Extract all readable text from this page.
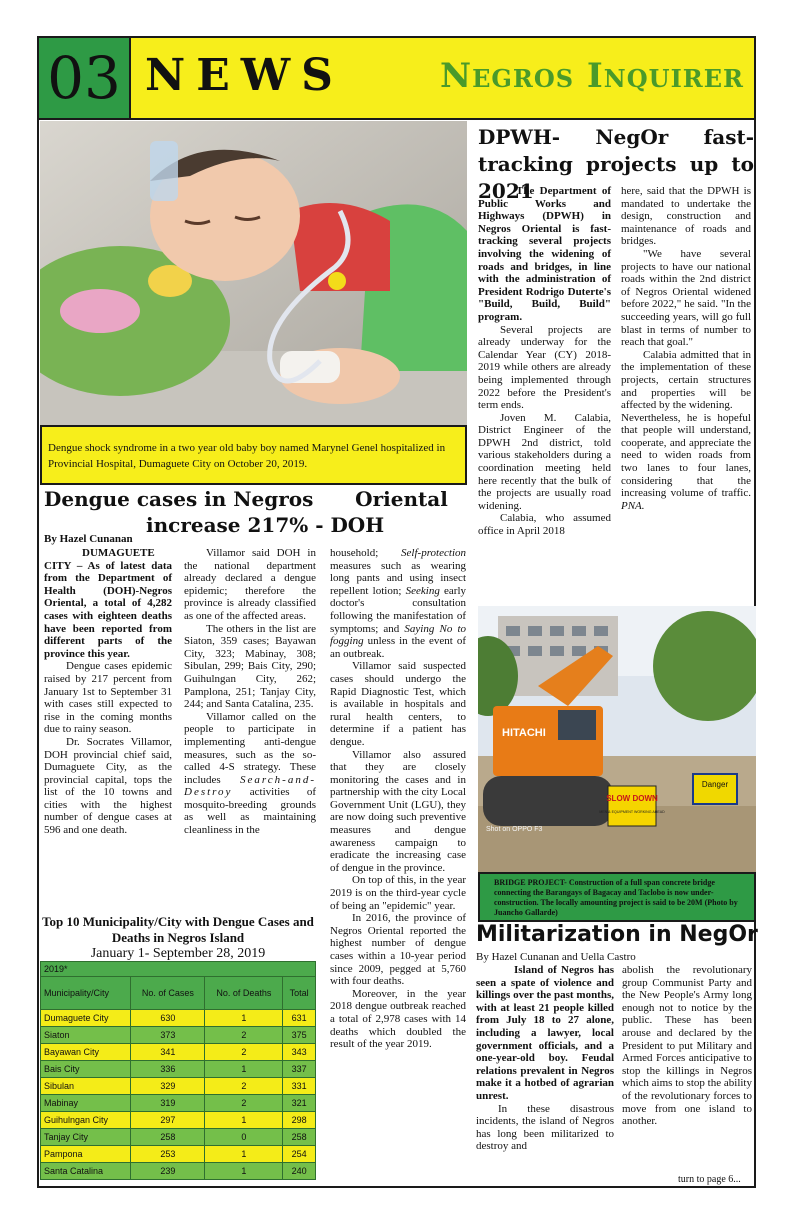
03 NEWS	Negros Inquirer
Dengue shock syndrome in a two year old baby boy named Marynel Genel hospitalized in Provincial Hospital, Dumaguete City on October 20, 2019.
Dengue cases in Negros      Oriental
increase 217% - DOH
By Hazel Cunanan

DUMAGUETE CITY – As of latest data from the Department of Health (DOH)-Negros Oriental, a total of 4,282 cases with eighteen deaths have been reported from different parts of the province this year.

Dengue cases epidemic raised by 217 percent from January 1st to September 31 with cases still expected to rise in the coming months due to rainy season.

Dr. Socrates Villamor, DOH provincial chief said, Dumaguete City, as the provincial capital, tops the list of the 10 towns and cities with the highest number of dengue cases at 596 and one death.

Villamor said DOH in the national department already declared a dengue epidemic; therefore the province is already classified as one of the affected areas.

The others in the list are Siaton, 359 cases; Bayawan City, 323; Mabinay, 308; Sibulan, 299; Bais City, 290; Guihulngan City, 262; Pamplona, 251; Tanjay City, 244; and Santa Catalina, 235.

Villamor called on the people to participate in implementing anti-dengue measures, such as the so-called 4-S strategy. These includes Search-and-Destroy activities of mosquito-breeding grounds as well as maintaining cleanliness in the

household; Self-protection measures such as wearing long pants and using insect repellent lotion; Seeking early doctor's consultation following the manifestation of symptoms; and Saying No to fogging unless in the event of an outbreak.

Villamor said suspected cases should undergo the Rapid Diagnostic Test, which is available in hospitals and rural health centers, to determine if a patient has dengue.

Villamor also assured that they are closely monitoring the cases and in partnership with the city Local Government Unit (LGU), they are now doing such preventive measures and dengue awareness campaign to eradicate the increasing case of dengue in the province.

On top of this, in the year 2019 is on the third-year cycle of being an "epidemic" year.

In 2016, the province of Negros Oriental reported the highest number of dengue cases within a 10-year period since 2009, pegged at 5,760 with four deaths.

Moreover, in the year 2018 dengue outbreak reached a total of 2,978 cases with 14 deaths which doubled the result of the year 2019.

Top 10 Municipality/City with Dengue Cases and Deaths in Negros Island
January 1- September 28, 2019
2019*			
Municipality/City	No. of Cases	No. of Deaths	Total
Dumaguete City	630	1	631
Siaton	373	2	375
Bayawan City	341	2	343
Bais City	336	1	337
Sibulan	329	2	331
Mabinay	319	2	321
Guihulngan City	297	1	298
Tanjay City	258	0	258
Pampona	253	1	254
Santa Catalina	239	1	240
DPWH- NegOr fast-tracking projects up to 2021

The Department of Public Works and Highways (DPWH) in Negros Oriental is fast-tracking several projects involving the widening of roads and bridges, in line with the administration of President Rodrigo Duterte's "Build, Build, Build" program.

Several projects are already underway for the Calendar Year (CY) 2018-2019 while others are already being implemented through 2022 before the President's term ends.

Joven M. Calabia, District Engineer of the DPWH 2nd district, told various stakeholders during a coordination meeting held here recently that the bulk of the projects are usually road widening.

Calabia, who assumed office in April 2018

here, said that the DPWH is mandated to undertake the design, construction and maintenance of roads and bridges.

"We have several projects to have our national roads within the 2nd district of Negros Oriental widened before 2022," he said. "In the succeeding years, will go full blast in terms of number to reach that goal."

Calabia admitted that in the implementation of these projects, certain structures and properties will be affected by the widening.

Nevertheless, he is hopeful that people will understand, cooperate, and appreciate the need to widen roads from two lanes to four lanes, considering that the increasing volume of traffic. PNA.

HITACHI
SLOW DOWN
MEN & EQUIPMENT WORKING AHEAD
Danger
Shot on OPPO F3
BRIDGE PROJECT- Construction of a full span concrete bridge connecting the Barangays of Bagacay and Taclobo is now under-construction. The locally amounting project is said to be 20M (Photo by Juancho Gallarde)
Militarization in NegOr
By Hazel Cunanan and Uella Castro

Island of Negros has seen a spate of violence and killings over the past months, with at least 21 people killed from July 18 to 27 alone, including a lawyer, local government officials, and a one-year-old boy. Feudal relations prevalent in Negros make it a hotbed of agrarian unrest.

In these disastrous incidents, the island of Negros has long been militarized to destroy and

abolish the revolutionary group Communist Party and the New People's Army long enough not to notice by the public. These has been arouse and declared by the President to put Military and Armed Forces anticipative to stop the killings in Negros which aims to stop the ability of the revolutionary forces to move from one island to another.

turn to page 6...
